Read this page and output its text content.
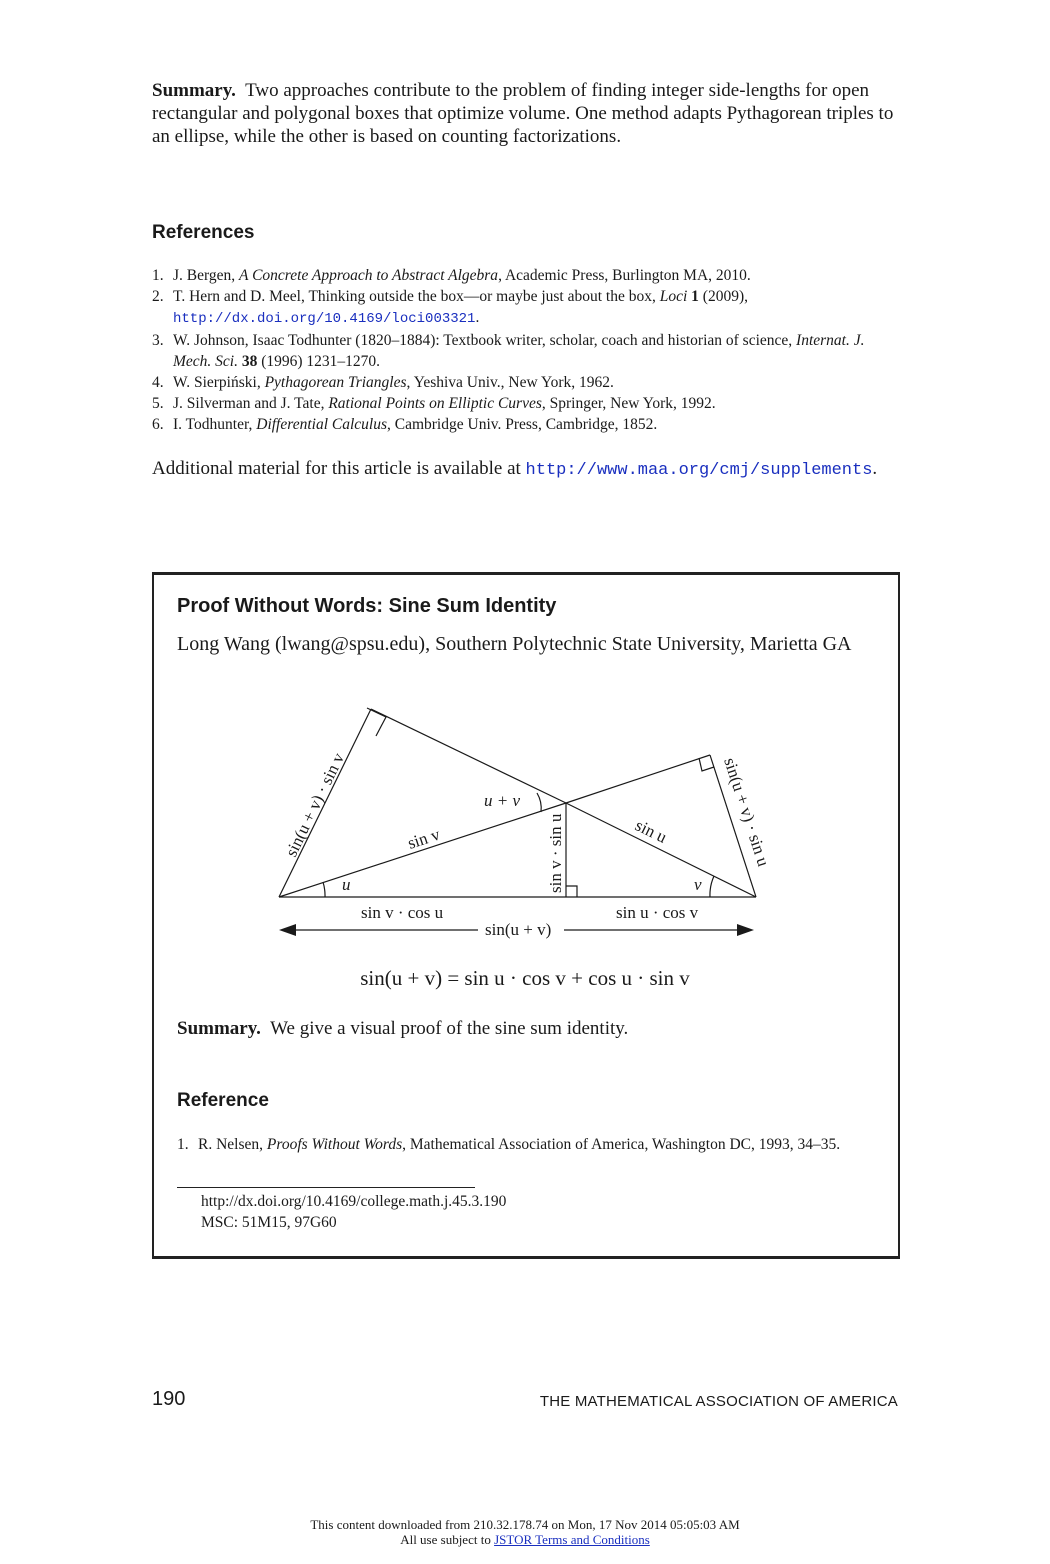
Summary. Two approaches contribute to the problem of finding integer side-lengths for open rectangular and polygonal boxes that optimize volume. One method adapts Pythagorean triples to an ellipse, while the other is based on counting factorizations.
References
1. J. Bergen, A Concrete Approach to Abstract Algebra, Academic Press, Burlington MA, 2010.
2. T. Hern and D. Meel, Thinking outside the box—or maybe just about the box, Loci 1 (2009), http://dx.doi.org/10.4169/loci003321.
3. W. Johnson, Isaac Todhunter (1820–1884): Textbook writer, scholar, coach and historian of science, Internat. J. Mech. Sci. 38 (1996) 1231–1270.
4. W. Sierpiński, Pythagorean Triangles, Yeshiva Univ., New York, 1962.
5. J. Silverman and J. Tate, Rational Points on Elliptic Curves, Springer, New York, 1992.
6. I. Todhunter, Differential Calculus, Cambridge Univ. Press, Cambridge, 1852.
Additional material for this article is available at http://www.maa.org/cmj/supplements.
Proof Without Words: Sine Sum Identity
Long Wang (lwang@spsu.edu), Southern Polytechnic State University, Marietta GA
sin(u + v) · sin v	sin(u + v) · sin u
u + v
sin v	sin u
sin v · sin u
u	v
sin v · cos u	sin u · cos v
sin(u + v)
sin(u + v) = sin u · cos v + cos u · sin v
Summary. We give a visual proof of the sine sum identity.
Reference
1. R. Nelsen, Proofs Without Words, Mathematical Association of America, Washington DC, 1993, 34–35.
http://dx.doi.org/10.4169/college.math.j.45.3.190
MSC: 51M15, 97G60
190	THE MATHEMATICAL ASSOCIATION OF AMERICA
This content downloaded from 210.32.178.74 on Mon, 17 Nov 2014 05:05:03 AM
All use subject to JSTOR Terms and Conditions
